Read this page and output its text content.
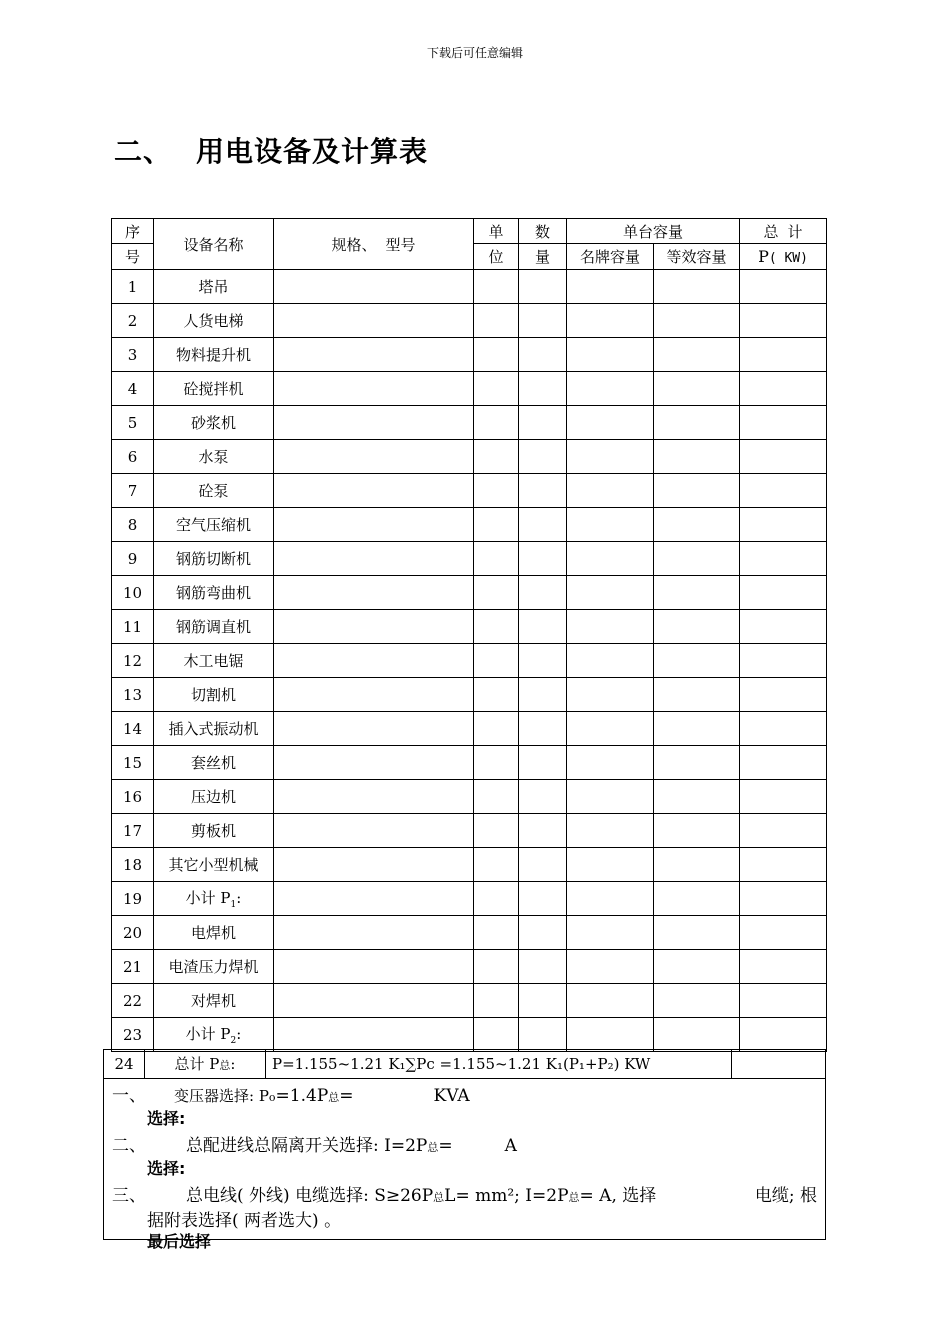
下载后可任意编辑
二、 用电设备及计算表
序	设备名称	规格、 型号	单	数	单台容量		总 计
号			位	量	名牌容量	等效容量	P( KW)
1	塔吊						
2	人货电梯						
3	物料提升机						
4	砼搅拌机						
5	砂浆机						
6	水泵						
7	砼泵						
8	空气压缩机						
9	钢筋切断机						
10	钢筋弯曲机						
11	钢筋调直机						
12	木工电锯						
13	切割机						
14	插入式振动机						
15	套丝机						
16	压边机						
17	剪板机						
18	其它小型机械						
19	小计 $P_1$:						
20	电焊机						
21	电渣压力焊机						
22	对焊机						
23	小计 $P_2$:						
24	总计 P总:	P=1.155~1.21 K₁∑Pc =1.155~1.21 K₁(P₁+P₂) KW
一、 变压器选择: Po=1.4P总=	KVA
选择:
二、 总配进线总隔离开关选择: I=2P总=	A
选择:
三、 总电线( 外线) 电缆选择: S≥26P总L= mm²; I=2P总= A, 选择	电缆; 根
据附表选择( 两者选大) 。
最后选择
